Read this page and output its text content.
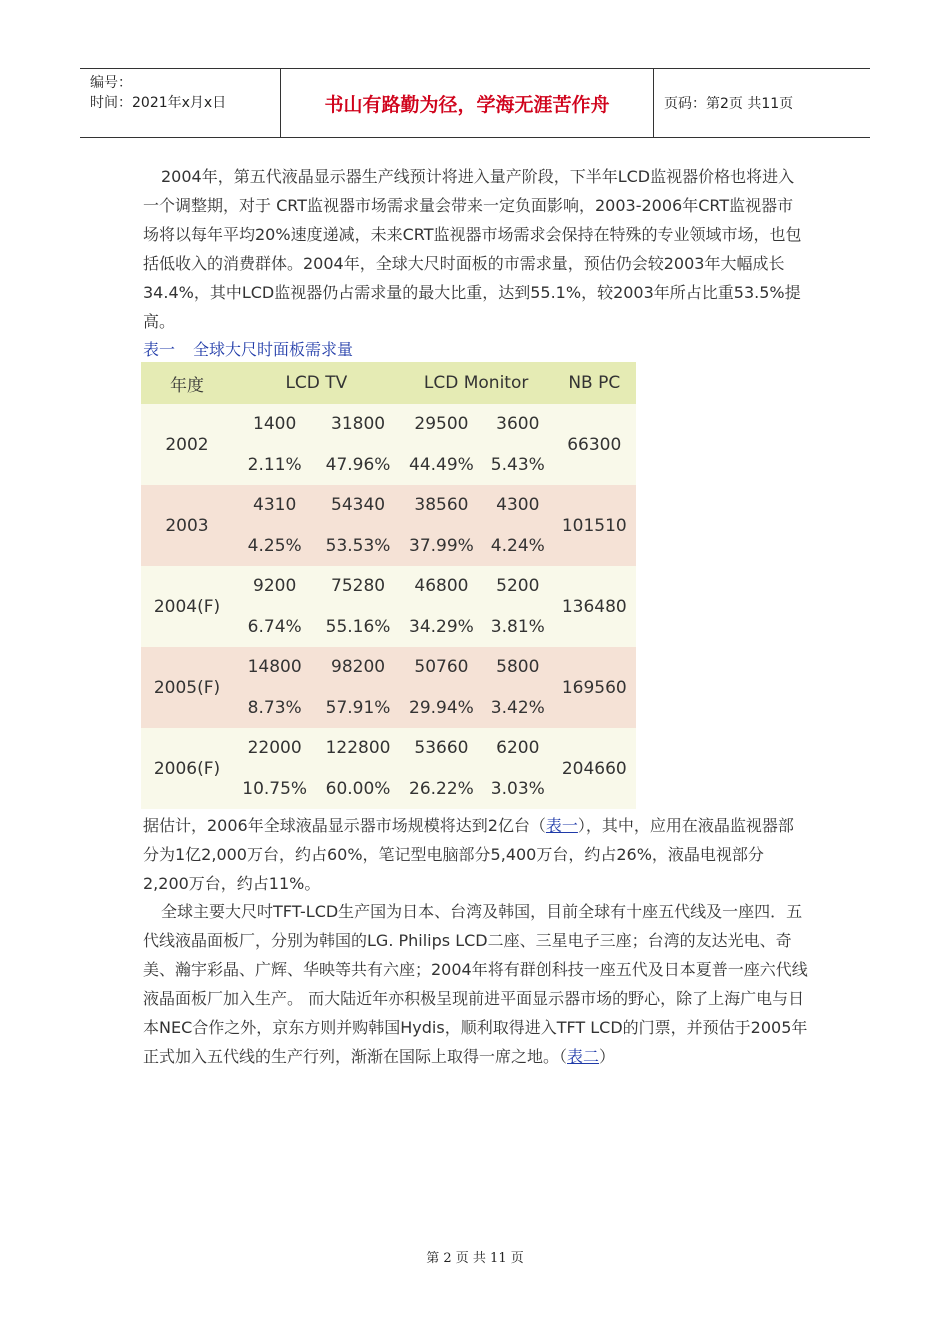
编号：
时间：2021年x月x日	书山有路勤为径，学海无涯苦作舟	页码：第2页 共11页

2004年，第五代液晶显示器生产线预计将进入量产阶段，下半年LCD监视器价格也将进入一个调整期，对于 CRT监视器市场需求量会带来一定负面影响，2003-2006年CRT监视器市场将以每年平均20%速度递减，未来CRT监视器市场需求会保持在特殊的专业领域市场，也包括低收入的消费群体。2004年，全球大尺时面板的市需求量，预估仍会较2003年大幅成长34.4%，其中LCD监视器仍占需求量的最大比重，达到55.1%，较2003年所占比重53.5%提高。

表一 全球大尺时面板需求量
年度	LCD TV		LCD Monitor		NB PC
2002	1400	31800	29500	3600	66300
	2.11%	47.96%	44.49%	5.43%	
2003	4310	54340	38560	4300	101510
	4.25%	53.53%	37.99%	4.24%	
2004(F)	9200	75280	46800	5200	136480
	6.74%	55.16%	34.29%	3.81%	
2005(F)	14800	98200	50760	5800	169560
	8.73%	57.91%	29.94%	3.42%	
2006(F)	22000	122800	53660	6200	204660
	10.75%	60.00%	26.22%	3.03%	

据估计，2006年全球液晶显示器市场规模将达到2亿台（表一），其中，应用在液晶监视器部分为1亿2,000万台，约占60%，笔记型电脑部分5,400万台，约占26%，液晶电视部分2,200万台，约占11%。

全球主要大尺吋TFT-LCD生产国为日本、台湾及韩国，目前全球有十座五代线及一座四．五代线液晶面板厂，分别为韩国的LG. Philips LCD二座、三星电子三座；台湾的友达光电、奇美、瀚宇彩晶、广辉、华映等共有六座；2004年将有群创科技一座五代及日本夏普一座六代线液晶面板厂加入生产。 而大陆近年亦积极呈现前进平面显示器市场的野心，除了上海广电与日本NEC合作之外，京东方则并购韩国Hydis，顺利取得进入TFT LCD的门票，并预估于2005年正式加入五代线的生产行列，渐渐在国际上取得一席之地。（表二）

第 2 页 共 11 页
